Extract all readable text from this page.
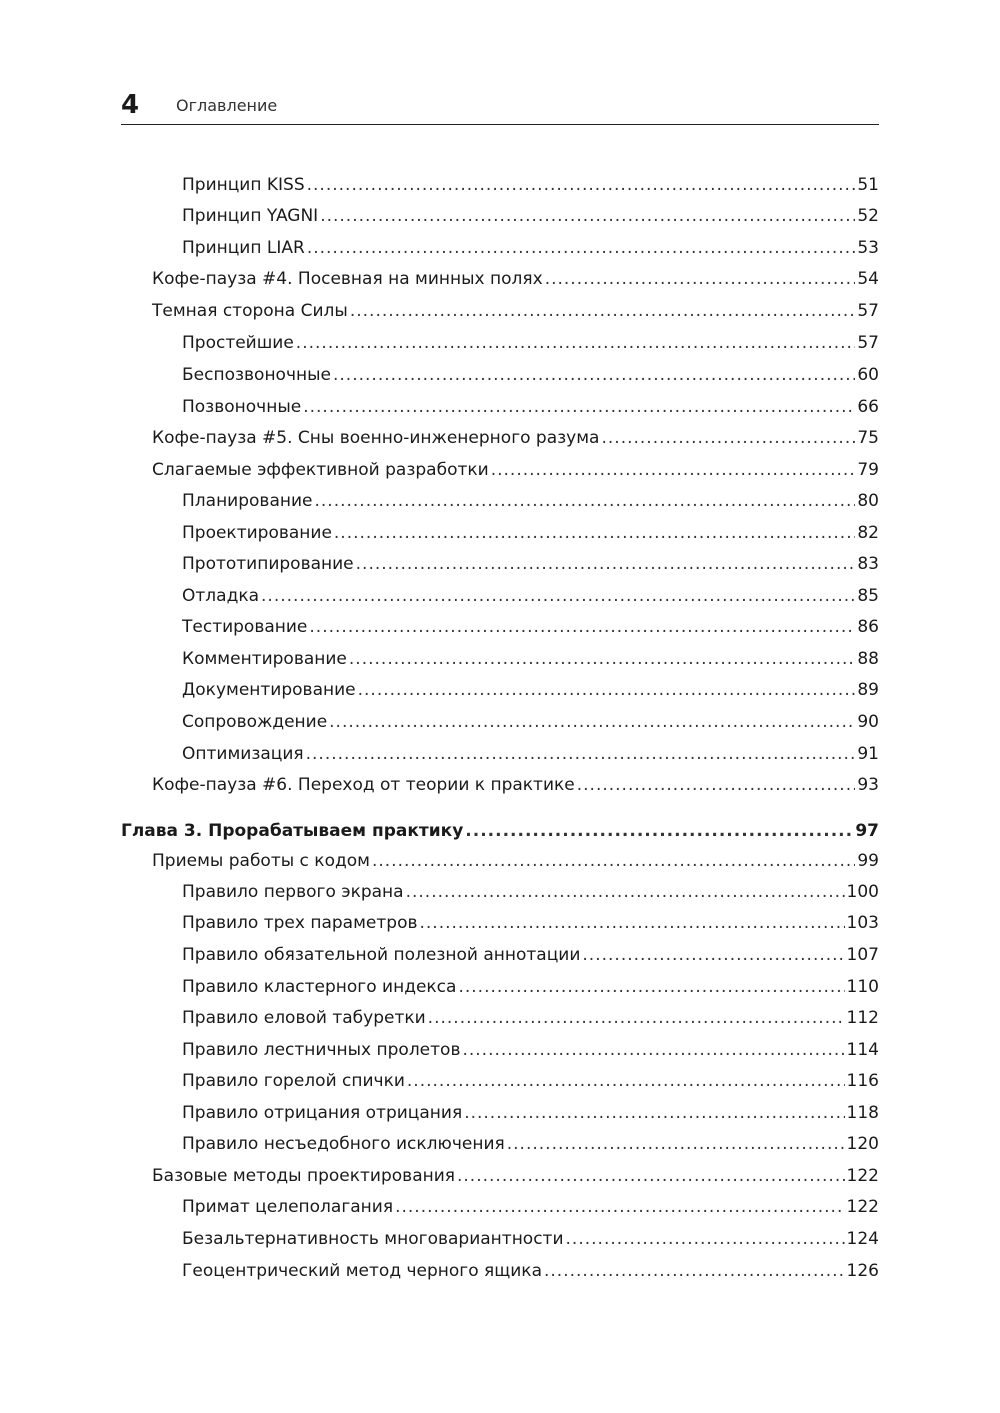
4 Оглавление
Принцип KISS .....	51
Принцип YAGNI .....	52
Принцип LIAR .....	53
Кофе-пауза #4. Посевная на минных полях .....	54
Темная сторона Силы .....	57
Простейшие .....	57
Беспозвоночные .....	60
Позвоночные .....	66
Кофе-пауза #5. Сны военно-инженерного разума .....	75
Слагаемые эффективной разработки .....	79
Планирование .....	80
Проектирование .....	82
Прототипирование .....	83
Отладка .....	85
Тестирование .....	86
Комментирование .....	88
Документирование .....	89
Сопровождение .....	90
Оптимизация .....	91
Кофе-пауза #6. Переход от теории к практике .....	93
Глава 3. Прорабатываем практику .....	97
Приемы работы с кодом .....	99
Правило первого экрана .....	100
Правило трех параметров .....	103
Правило обязательной полезной аннотации .....	107
Правило кластерного индекса .....	110
Правило еловой табуретки .....	112
Правило лестничных пролетов .....	114
Правило горелой спички .....	116
Правило отрицания отрицания .....	118
Правило несъедобного исключения .....	120
Базовые методы проектирования .....	122
Примат целеполагания .....	122
Безальтернативность многовариантности .....	124
Геоцентрический метод черного ящика .....	126
